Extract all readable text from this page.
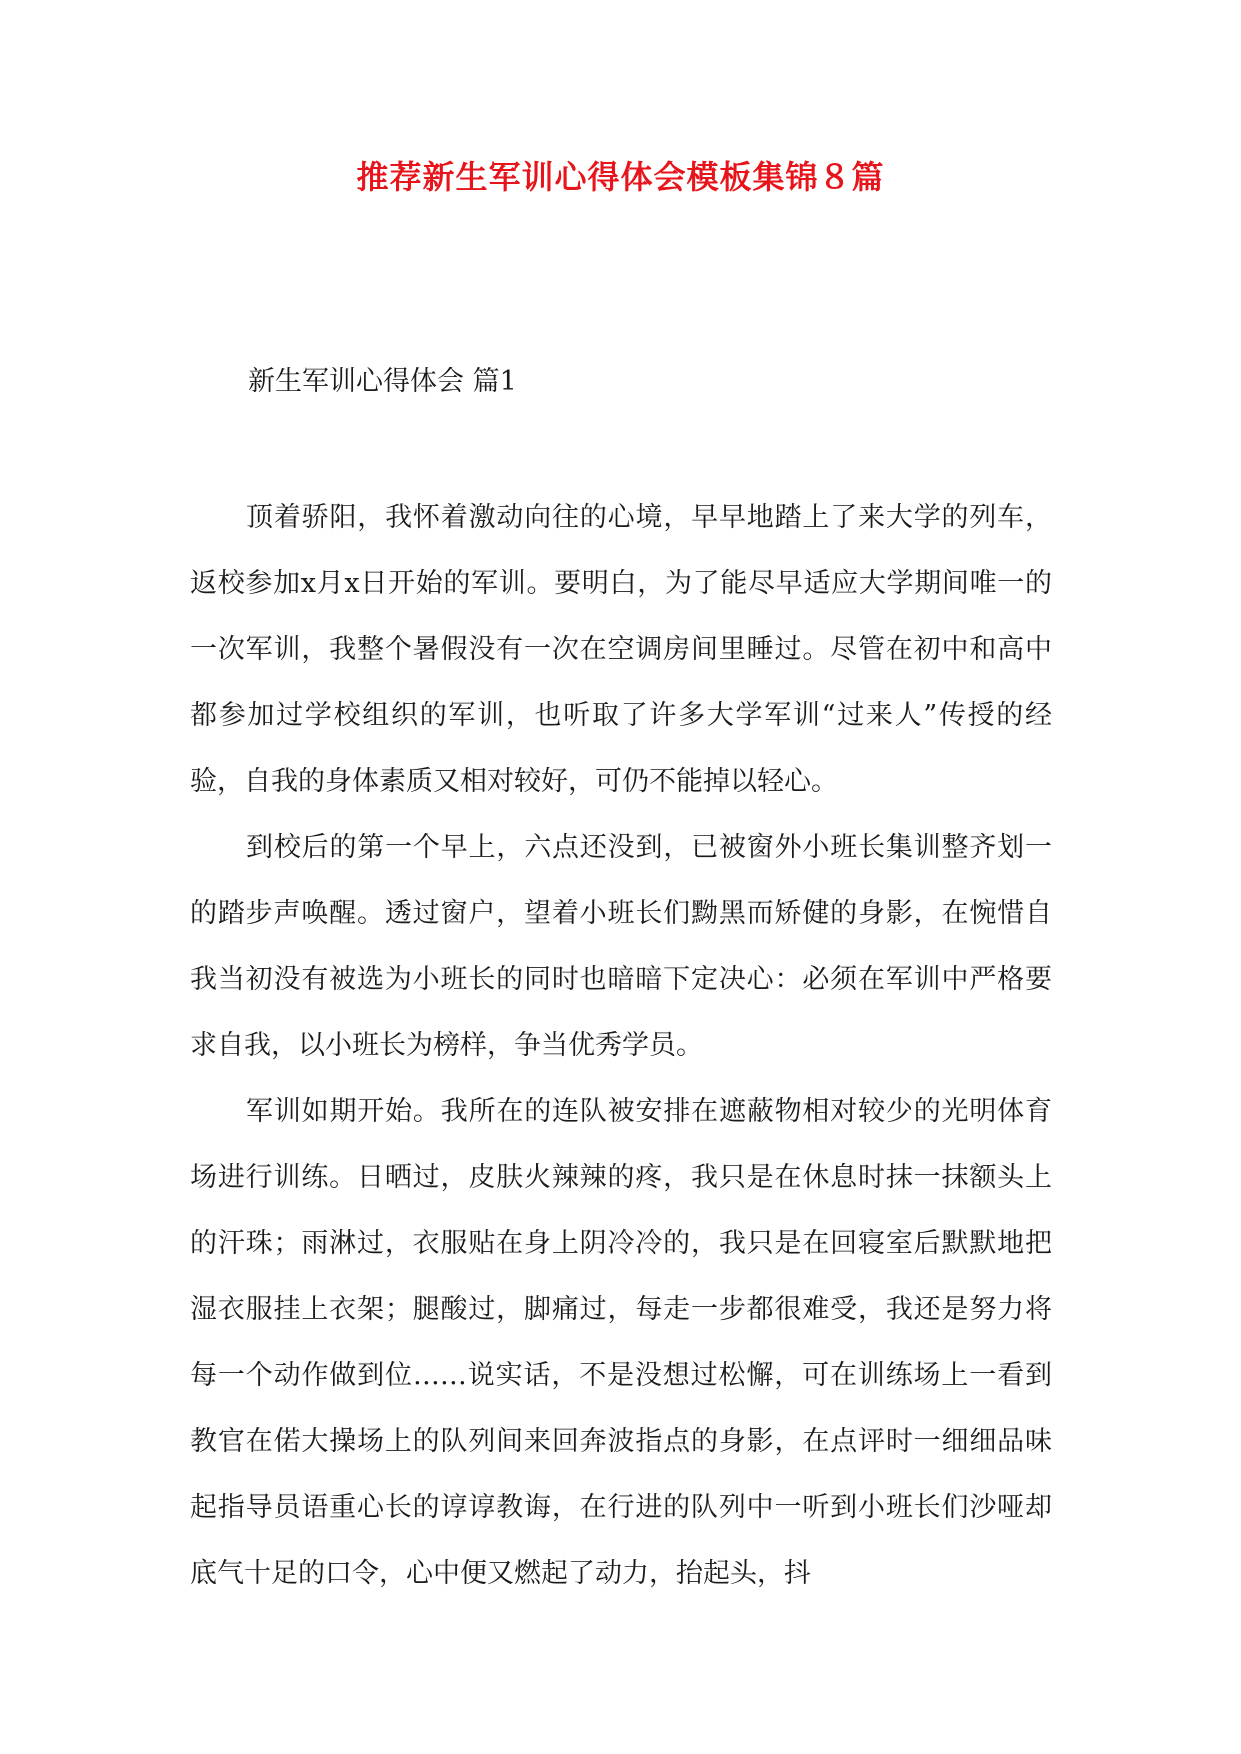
推荐新生军训心得体会模板集锦８篇
新生军训心得体会 篇1

顶着骄阳，我怀着激动向往的心境，早早地踏上了来大学的列车，返校参加x月x日开始的军训。要明白，为了能尽早适应大学期间唯一的一次军训，我整个暑假没有一次在空调房间里睡过。尽管在初中和高中都参加过学校组织的军训，也听取了许多大学军训“过来人”传授的经验，自我的身体素质又相对较好，可仍不能掉以轻心。

到校后的第一个早上，六点还没到，已被窗外小班长集训整齐划一的踏步声唤醒。透过窗户，望着小班长们黝黑而矫健的身影，在惋惜自我当初没有被选为小班长的同时也暗暗下定决心：必须在军训中严格要求自我，以小班长为榜样，争当优秀学员。

军训如期开始。我所在的连队被安排在遮蔽物相对较少的光明体育场进行训练。日晒过，皮肤火辣辣的疼，我只是在休息时抹一抹额头上的汗珠；雨淋过，衣服贴在身上阴冷冷的，我只是在回寝室后默默地把湿衣服挂上衣架；腿酸过，脚痛过，每走一步都很难受，我还是努力将每一个动作做到位……说实话，不是没想过松懈，可在训练场上一看到教官在偌大操场上的队列间来回奔波指点的身影，在点评时一细细品味起指导员语重心长的谆谆教诲，在行进的队列中一听到小班长们沙哑却底气十足的口令，心中便又燃起了动力，抬起头，抖
